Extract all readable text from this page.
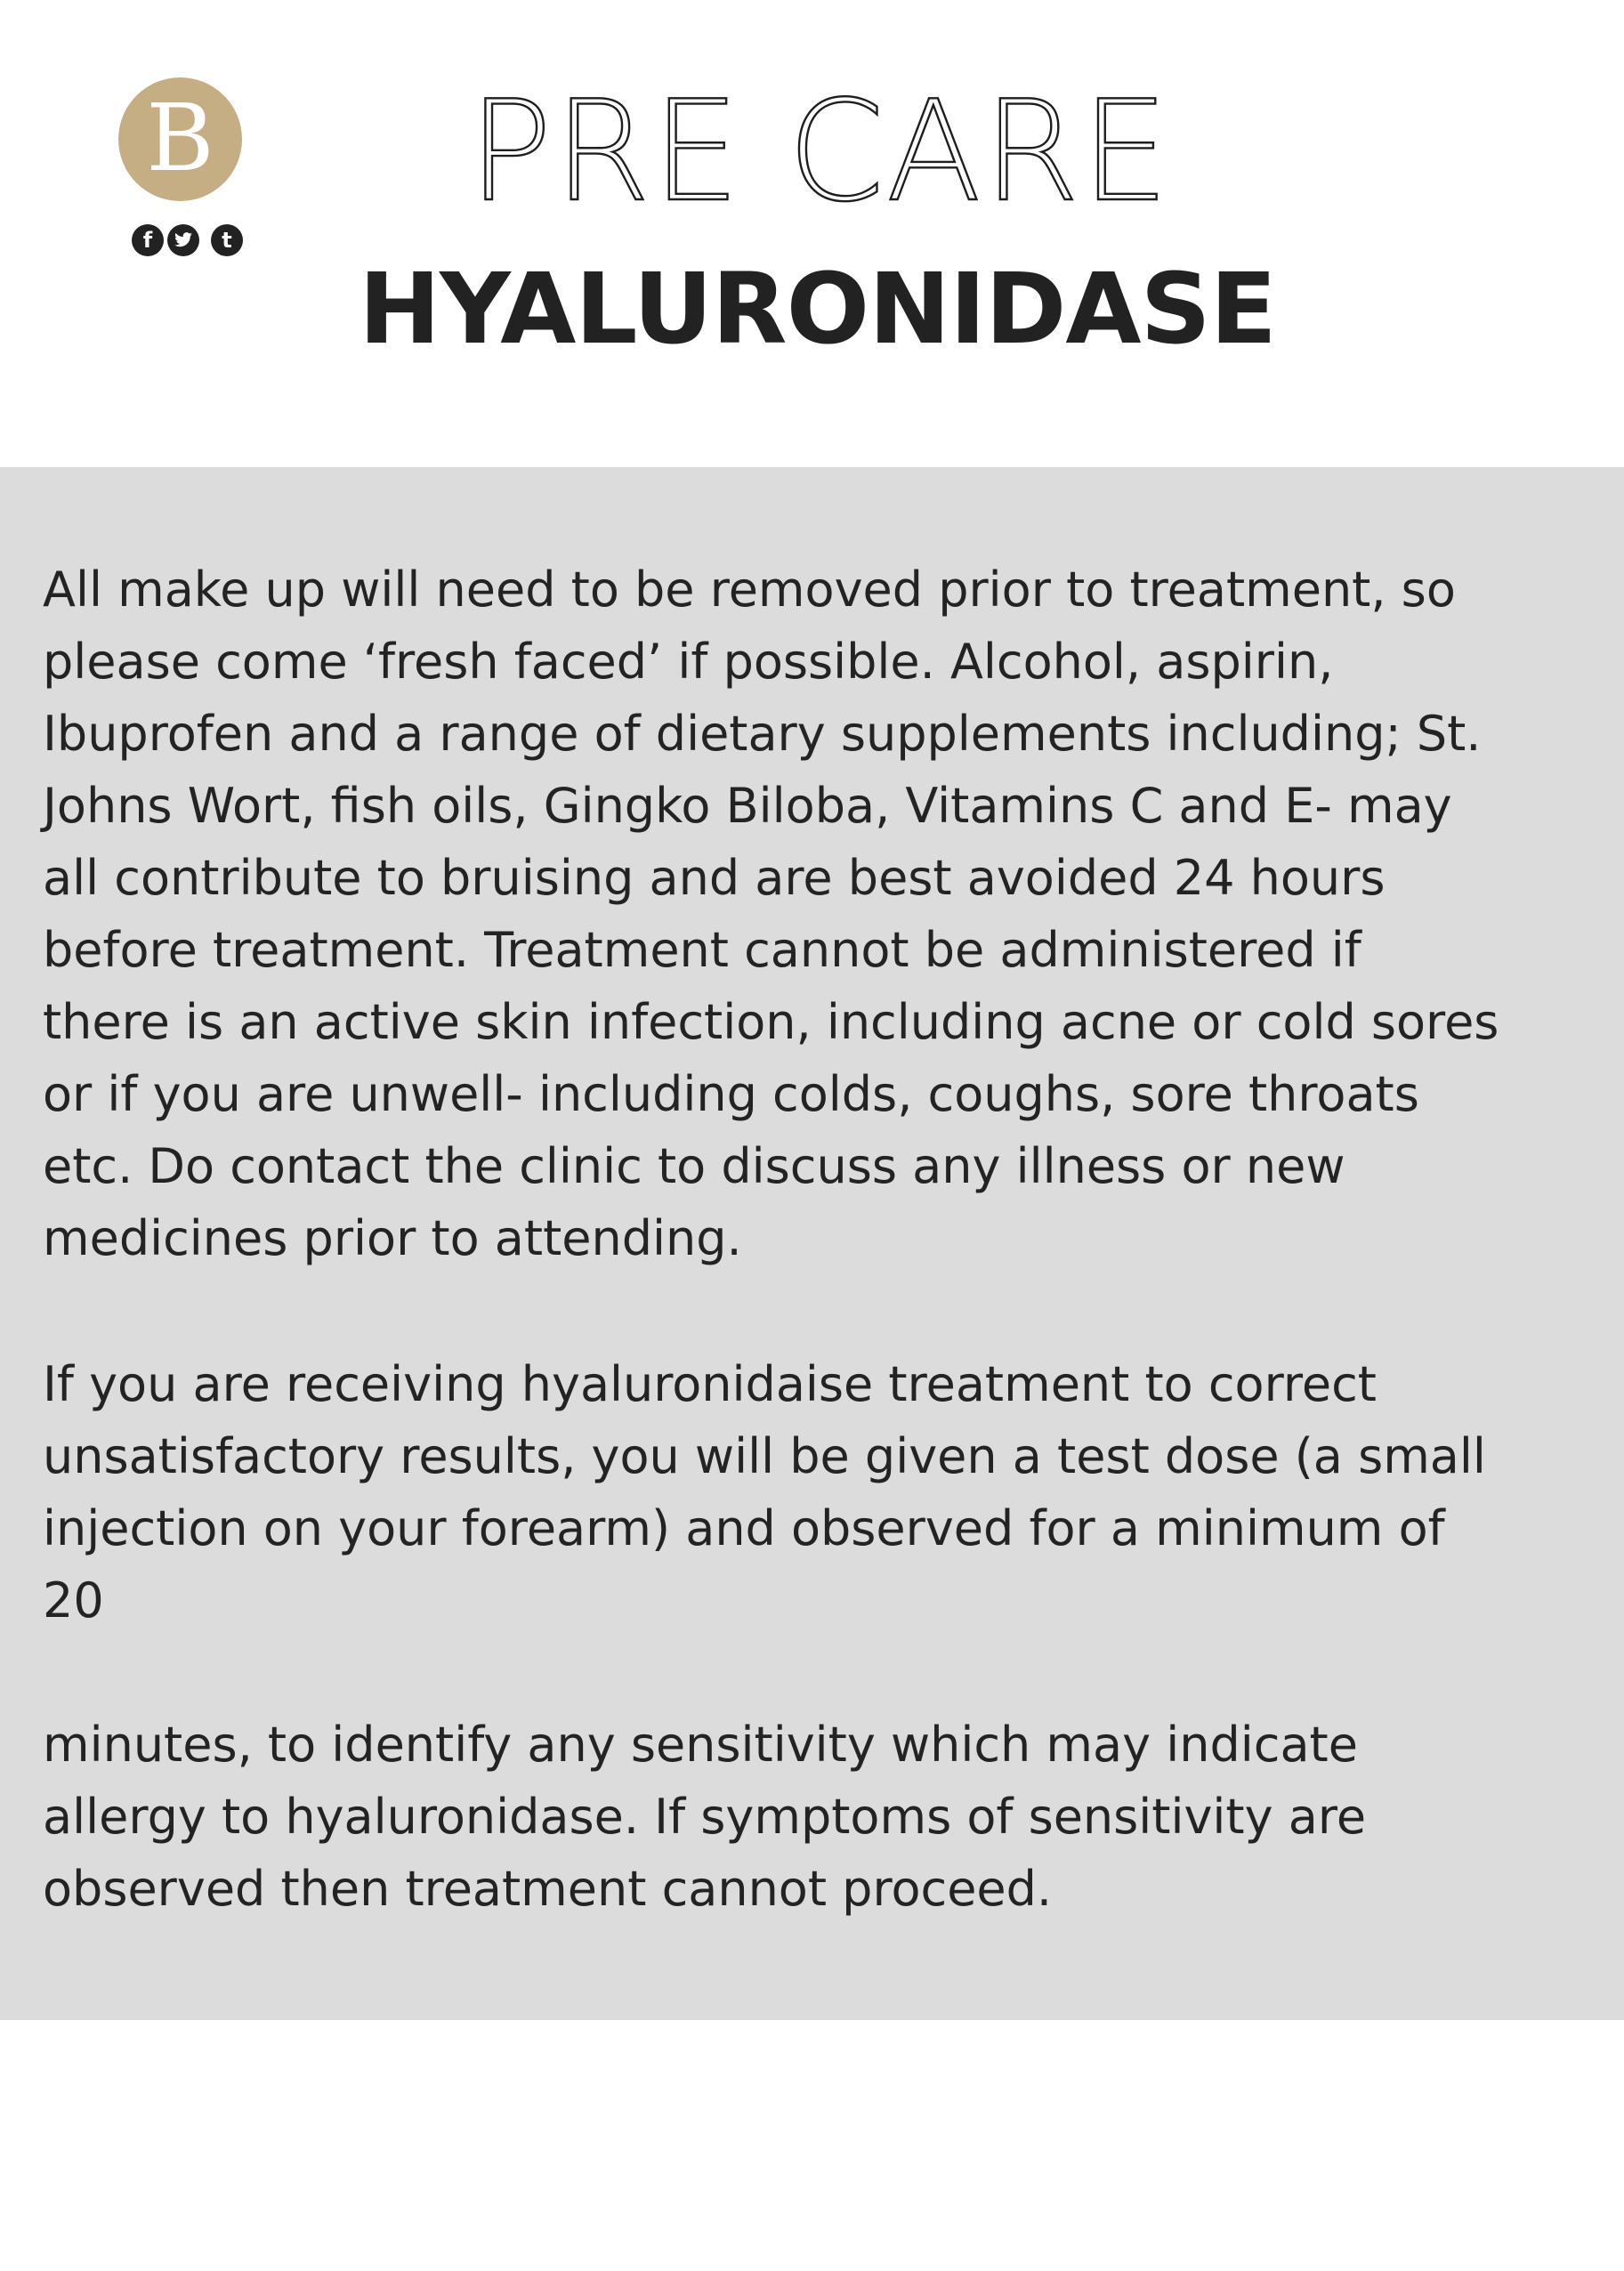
B
f	t
PRE CARE
HYALURONIDASE

All make up will need to be removed prior to treatment, so
please come ‘fresh faced’ if possible. Alcohol, aspirin,
Ibuprofen and a range of dietary supplements including; St.
Johns Wort, fish oils, Gingko Biloba, Vitamins C and E- may
all contribute to bruising and are best avoided 24 hours
before treatment. Treatment cannot be administered if
there is an active skin infection, including acne or cold sores
or if you are unwell- including colds, coughs, sore throats
etc. Do contact the clinic to discuss any illness or new
medicines prior to attending.

If you are receiving hyaluronidaise treatment to correct
unsatisfactory results, you will be given a test dose (a small
injection on your forearm) and observed for a minimum of
20

minutes, to identify any sensitivity which may indicate
allergy to hyaluronidase. If symptoms of sensitivity are
observed then treatment cannot proceed.
